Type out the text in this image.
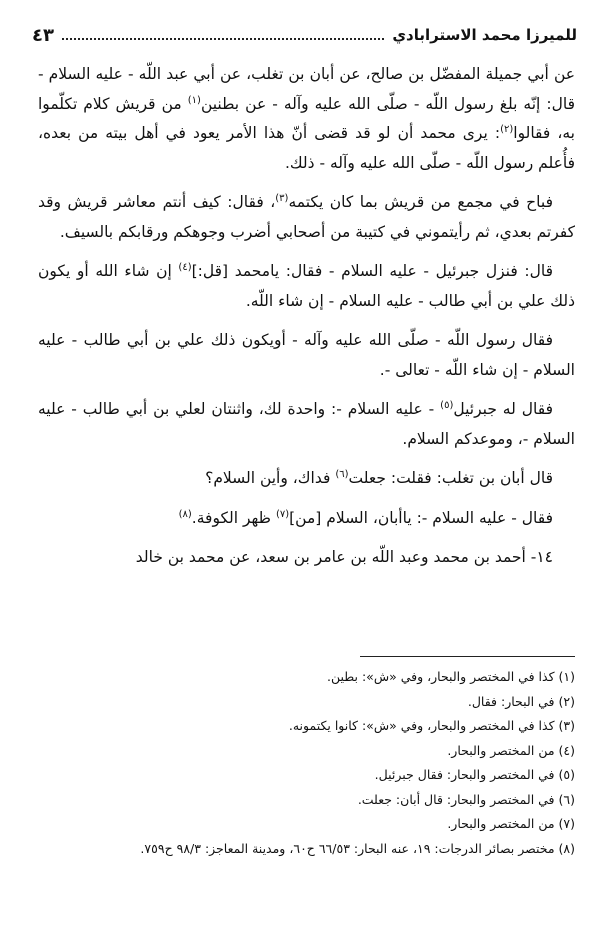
للميرزا محمد الاسترابادي
٤٣

عن أبي جميلة المفضّل بن صالح، عن أبان بن تغلب، عن أبي عبد اللّه - عليه السلام - قال: إنّه بلغ رسول اللّه - صلّى الله عليه وآله - عن بطنين$^{(١)}$ من قريش كلام تكلّموا به، فقالوا$^{(٢)}$: يرى محمد أن لو قد قضى أنّ هذا الأمر يعود في أهل بيته من بعده، فأُعلم رسول اللّه - صلّى الله عليه وآله - ذلك.

فباح في مجمع من قريش بما كان يكتمه$^{(٣)}$، فقال: كيف أنتم معاشر قريش وقد كفرتم بعدي، ثم رأيتموني في كتيبة من أصحابي أضرب وجوهكم ورقابكم بالسيف.

قال: فنزل جبرئيل - عليه السلام - فقال: يامحمد [قل:]$^{(٤)}$ إن شاء الله أو يكون ذلك علي بن أبي طالب - عليه السلام - إن شاء اللّه.

فقال رسول اللّه - صلّى الله عليه وآله - أويكون ذلك علي بن أبي طالب - عليه السلام - إن شاء اللّه - تعالى -.

فقال له جبرئيل$^{(٥)}$ - عليه السلام -: واحدة لك، واثنتان لعلي بن أبي طالب - عليه السلام -، وموعدكم السلام.

قال أبان بن تغلب: فقلت: جعلت$^{(٦)}$ فداك، وأين السلام؟

فقال - عليه السلام -: ياأبان، السلام [من]$^{(٧)}$ ظهر الكوفة.$^{(٨)}$

١٤- أحمد بن محمد وعبد اللّه بن عامر بن سعد، عن محمد بن خالد

(١) كذا في المختصر والبحار، وفي «ش»: بطين.

(٢) في البحار: فقال.

(٣) كذا في المختصر والبحار، وفي «ش»: كانوا يكتمونه.

(٤) من المختصر والبحار.

(٥) في المختصر والبحار: فقال جبرئيل.

(٦) في المختصر والبحار: قال أبان: جعلت.

(٧) من المختصر والبحار.

(٨) مختصر بصائر الدرجات: ١٩، عنه البحار: ٦٦/٥٣ ح٦٠، ومدينة المعاجز: ٩٨/٣ ح٧٥٩.
